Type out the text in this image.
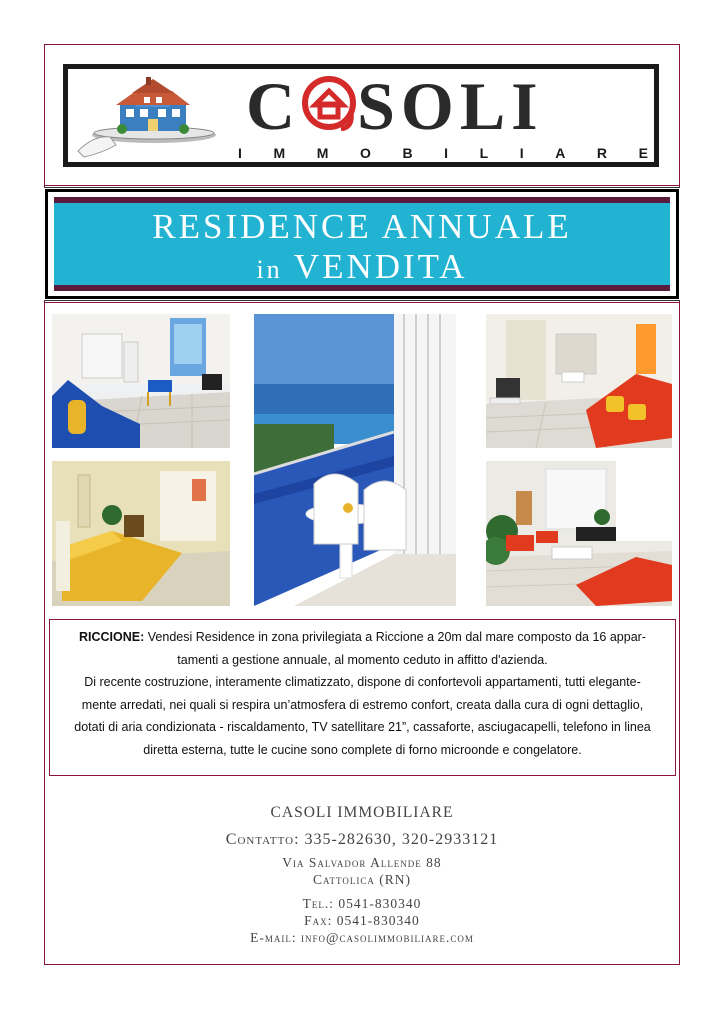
C SOLI
I M M O B I L I A R E
RESIDENCE ANNUALE
in VENDITA
RICCIONE: Vendesi Residence in zona privilegiata a Riccione a 20m dal mare composto da 16 appar-
tamenti a gestione annuale, al momento ceduto in affitto d'azienda.
Di recente costruzione, interamente climatizzato, dispone di confortevoli appartamenti, tutti elegante-
mente arredati, nei quali si respira un’atmosfera di estremo confort, creata dalla cura di ogni dettaglio,
dotati di aria condizionata - riscaldamento, TV satellitare 21”, cassaforte, asciugacapelli, telefono in linea
diretta esterna, tutte le cucine sono complete di forno microonde e congelatore.
CASOLI IMMOBILIARE
Contatto: 335-282630, 320-2933121
Via Salvador Allende 88
Cattolica (RN)
Tel.: 0541-830340
Fax: 0541-830340
E-mail: info@casolimmobiliare.com
